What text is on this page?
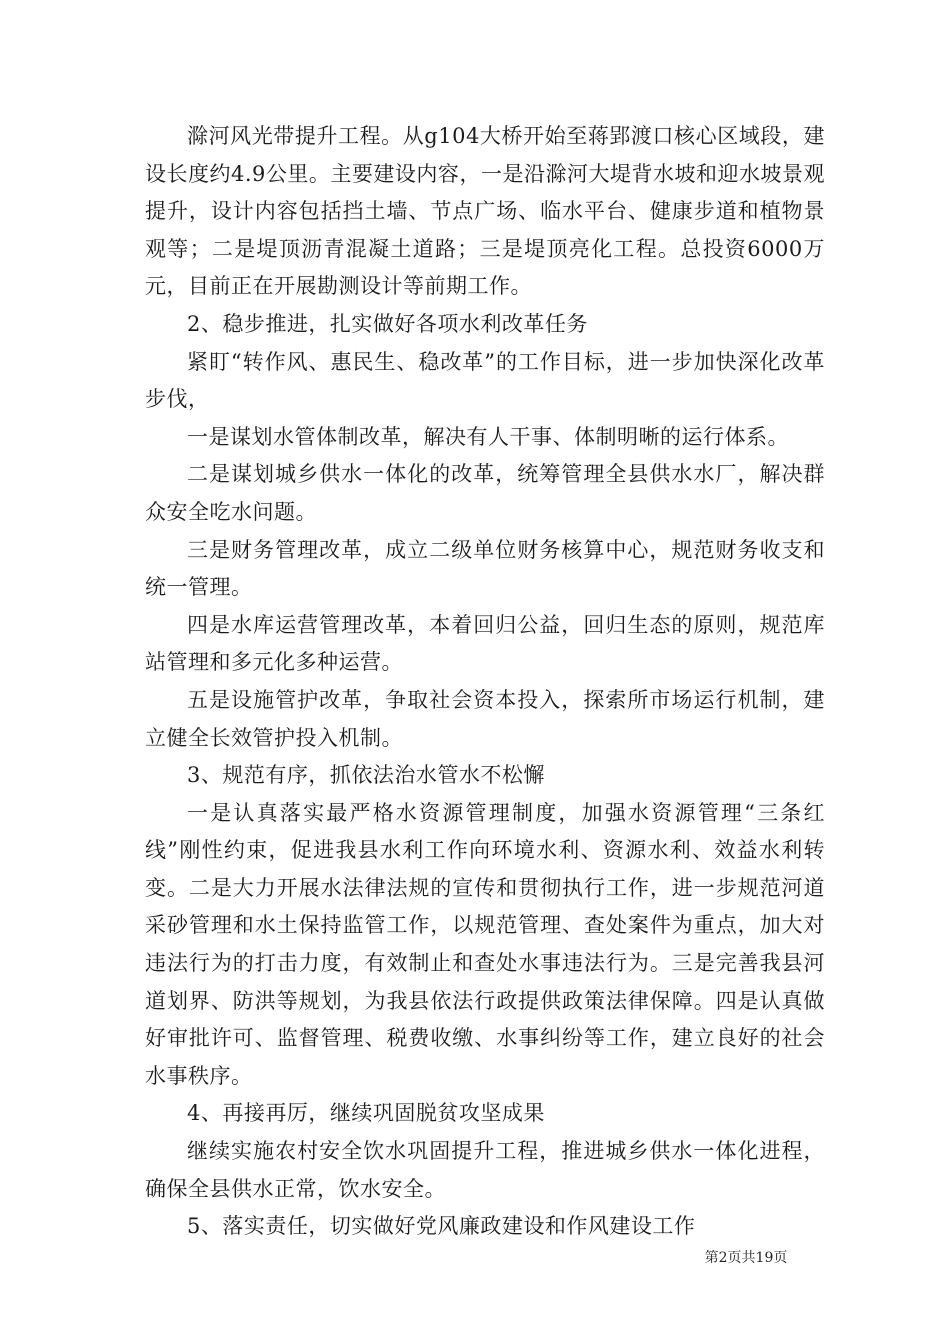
滁河风光带提升工程。从g104大桥开始至蒋郢渡口核心区域段，建设长度约4.9公里。主要建设内容，一是沿滁河大堤背水坡和迎水坡景观提升，设计内容包括挡土墙、节点广场、临水平台、健康步道和植物景观等；二是堤顶沥青混凝土道路；三是堤顶亮化工程。总投资6000万元，目前正在开展勘测设计等前期工作。

2、稳步推进，扎实做好各项水利改革任务

紧盯“转作风、惠民生、稳改革”的工作目标，进一步加快深化改革步伐，

一是谋划水管体制改革，解决有人干事、体制明晰的运行体系。

二是谋划城乡供水一体化的改革，统筹管理全县供水水厂，解决群众安全吃水问题。

三是财务管理改革，成立二级单位财务核算中心，规范财务收支和统一管理。

四是水库运营管理改革，本着回归公益，回归生态的原则，规范库站管理和多元化多种运营。

五是设施管护改革，争取社会资本投入，探索所市场运行机制，建立健全长效管护投入机制。

3、规范有序，抓依法治水管水不松懈

一是认真落实最严格水资源管理制度，加强水资源管理“三条红线”刚性约束，促进我县水利工作向环境水利、资源水利、效益水利转变。二是大力开展水法律法规的宣传和贯彻执行工作，进一步规范河道采砂管理和水土保持监管工作，以规范管理、查处案件为重点，加大对违法行为的打击力度，有效制止和查处水事违法行为。三是完善我县河道划界、防洪等规划，为我县依法行政提供政策法律保障。四是认真做好审批许可、监督管理、税费收缴、水事纠纷等工作，建立良好的社会水事秩序。

4、再接再厉，继续巩固脱贫攻坚成果

继续实施农村安全饮水巩固提升工程，推进城乡供水一体化进程，确保全县供水正常，饮水安全。

5、落实责任，切实做好党风廉政建设和作风建设工作

第2页共19页
